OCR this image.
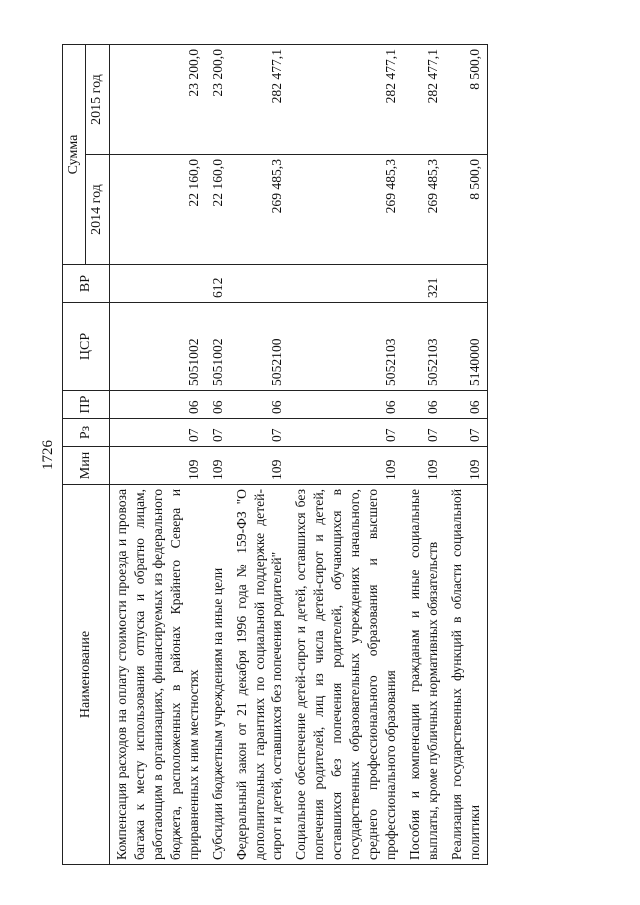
1726
Наименование	Мин	Рз	ПР	ЦСР	ВР	Сумма	
						2014 год	2015 год
Компенсация расходов на оплату стоимости проезда и провоза багажа к месту использования отпуска и обратно лицам, работающим в организациях, финансируемых из федерального бюджета, расположенных в районах Крайнего Севера и приравненных к ним местностях	109	07	06	5051002		22 160,0	23 200,0
Субсидии бюджетным учреждениям на иные цели	109	07	06	5051002	612	22 160,0	23 200,0
Федеральный закон от 21 декабря 1996 года № 159-ФЗ "О дополнительных гарантиях по социальной поддержке детей-сирот и детей, оставшихся без попечения родителей"	109	07	06	5052100		269 485,3	282 477,1
Социальное обеспечение детей-сирот и детей, оставшихся без попечения родителей, лиц из числа детей-сирот и детей, оставшихся без попечения родителей, обучающихся в государственных образовательных учреждениях начального, среднего профессионального образования и высшего профессионального образования	109	07	06	5052103		269 485,3	282 477,1
Пособия и компенсации гражданам и иные социальные выплаты, кроме публичных нормативных обязательств	109	07	06	5052103	321	269 485,3	282 477,1
Реализация государственных функций в области социальной политики	109	07	06	5140000		8 500,0	8 500,0
